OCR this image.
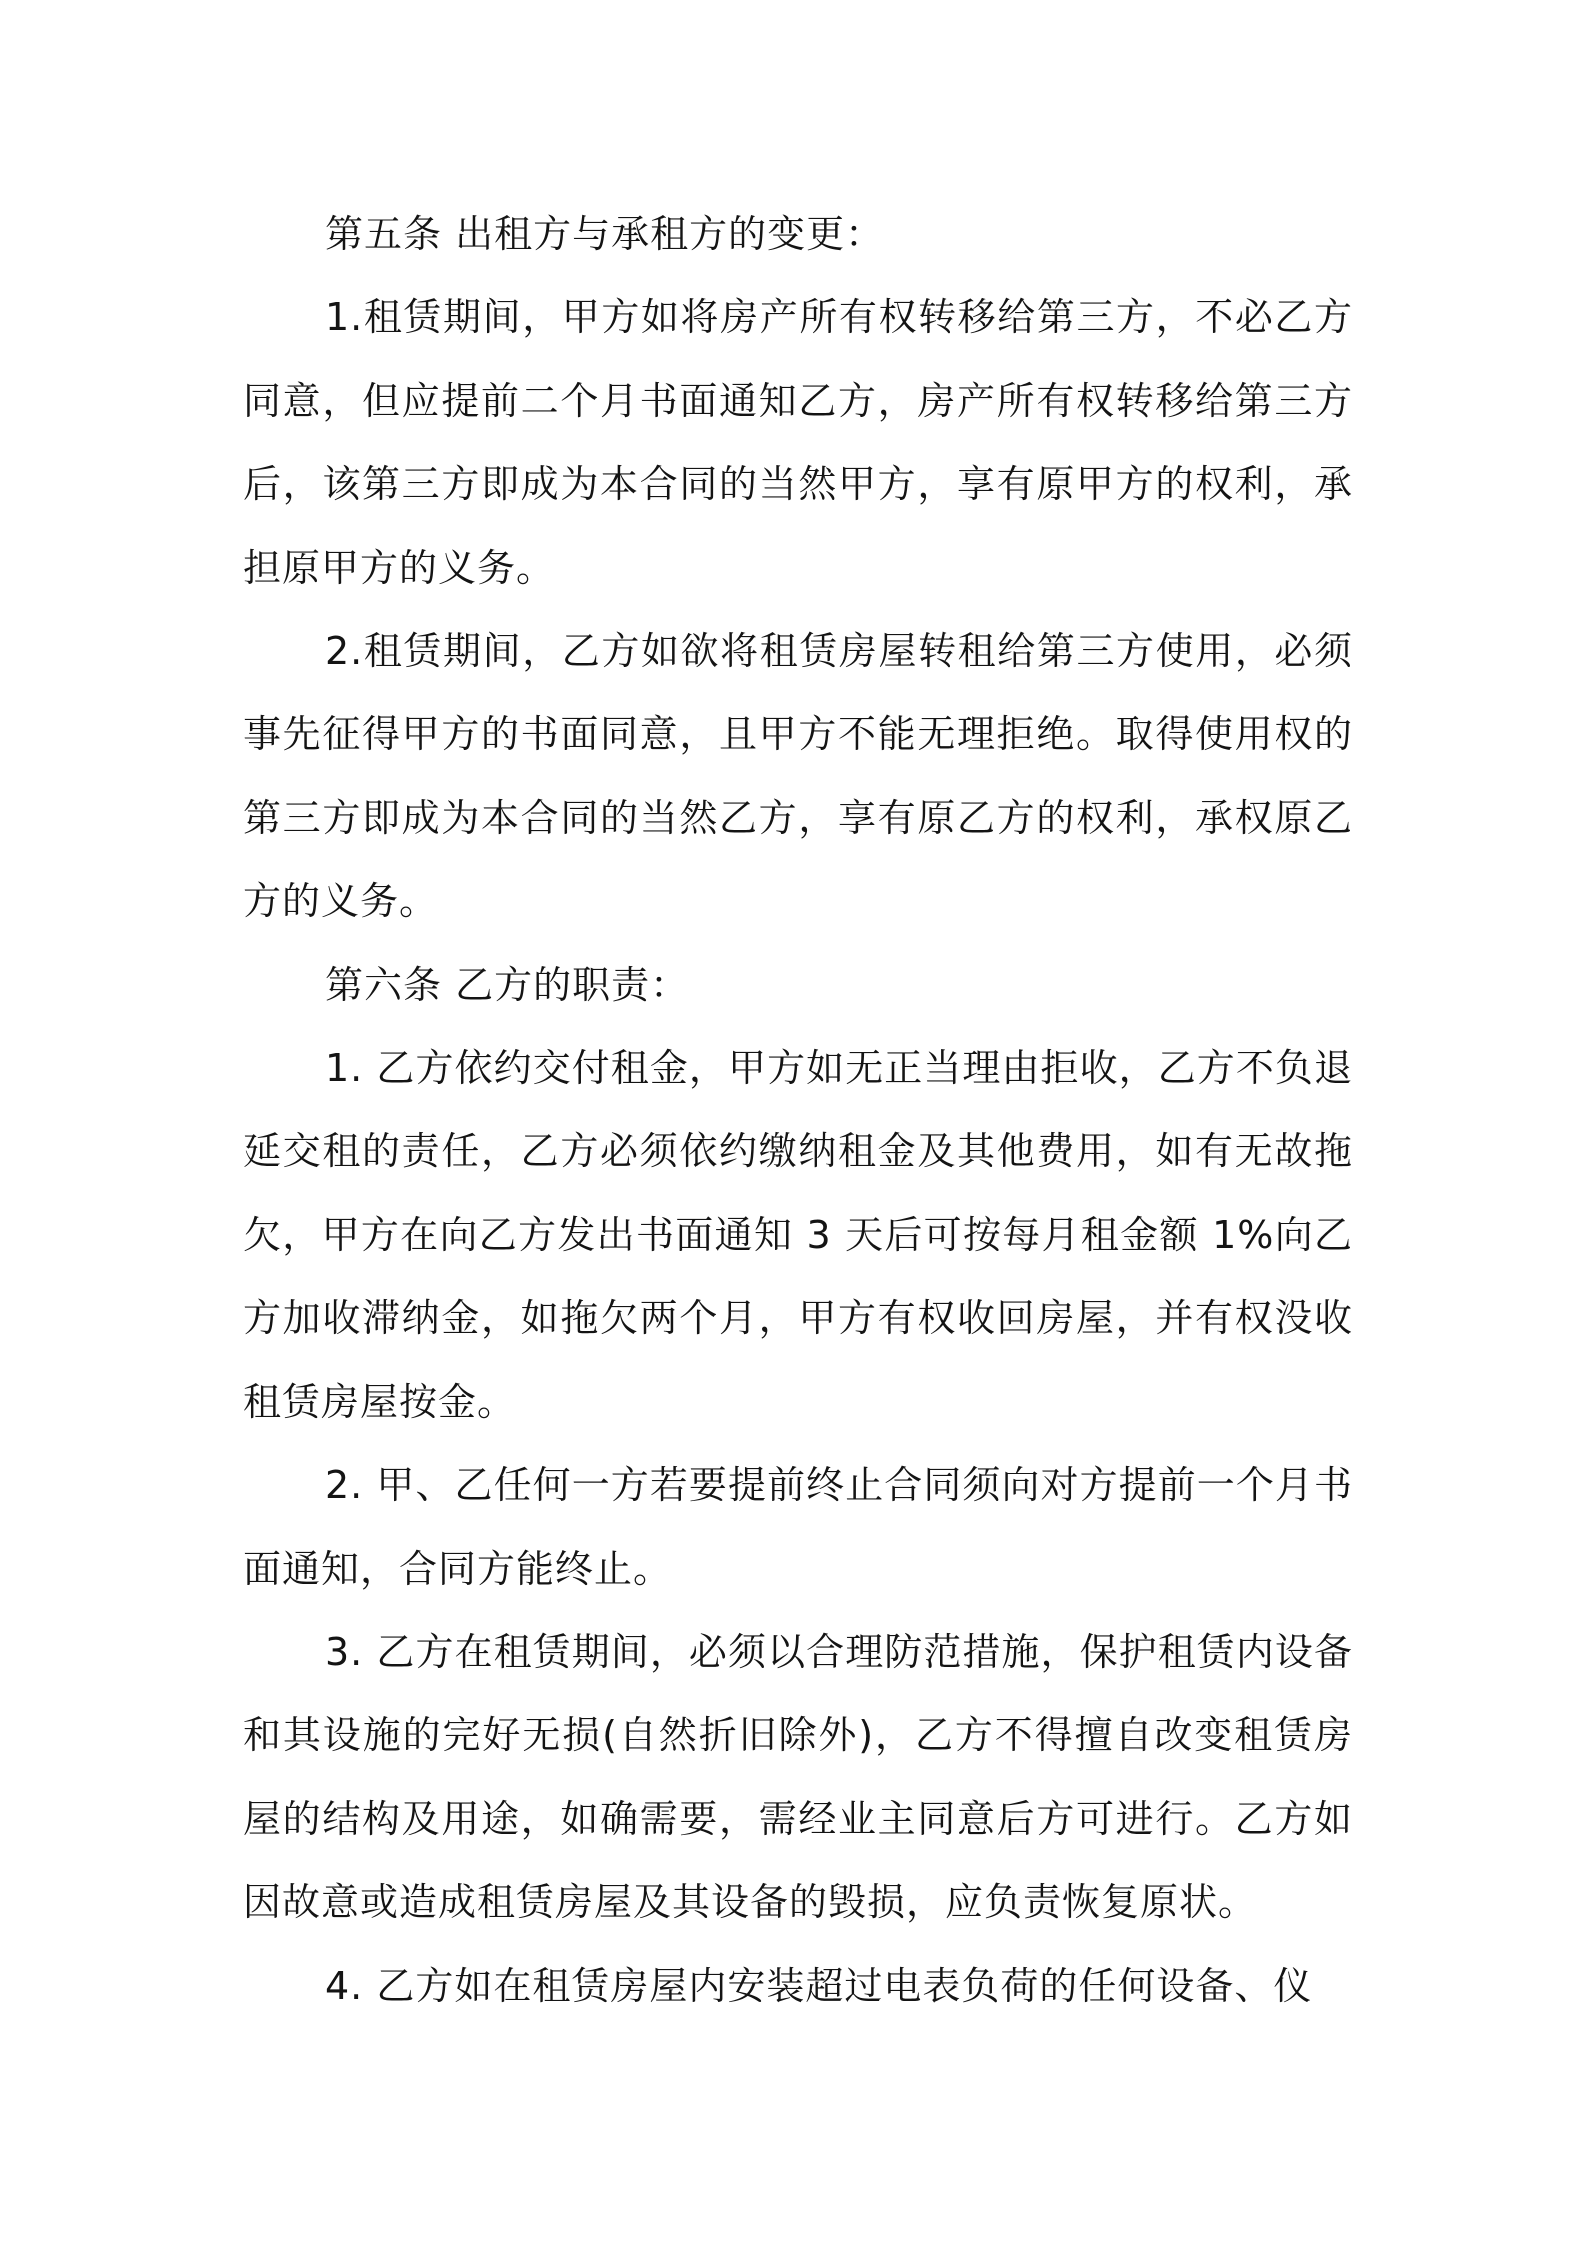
第五条 出租方与承租方的变更：

1.租赁期间，甲方如将房产所有权转移给第三方，不必乙方同意，但应提前二个月书面通知乙方，房产所有权转移给第三方后，该第三方即成为本合同的当然甲方，享有原甲方的权利，承担原甲方的义务。

2.租赁期间，乙方如欲将租赁房屋转租给第三方使用，必须事先征得甲方的书面同意，且甲方不能无理拒绝。取得使用权的第三方即成为本合同的当然乙方，享有原乙方的权利，承权原乙方的义务。

第六条 乙方的职责：

1. 乙方依约交付租金，甲方如无正当理由拒收，乙方不负退延交租的责任，乙方必须依约缴纳租金及其他费用，如有无故拖欠，甲方在向乙方发出书面通知 3 天后可按每月租金额 1%向乙方加收滞纳金，如拖欠两个月，甲方有权收回房屋，并有权没收租赁房屋按金。

2. 甲、乙任何一方若要提前终止合同须向对方提前一个月书面通知，合同方能终止。

3. 乙方在租赁期间，必须以合理防范措施，保护租赁内设备和其设施的完好无损(自然折旧除外)，乙方不得擅自改变租赁房屋的结构及用途，如确需要，需经业主同意后方可进行。乙方如因故意或造成租赁房屋及其设备的毁损，应负责恢复原状。

4. 乙方如在租赁房屋内安装超过电表负荷的任何设备、仪
